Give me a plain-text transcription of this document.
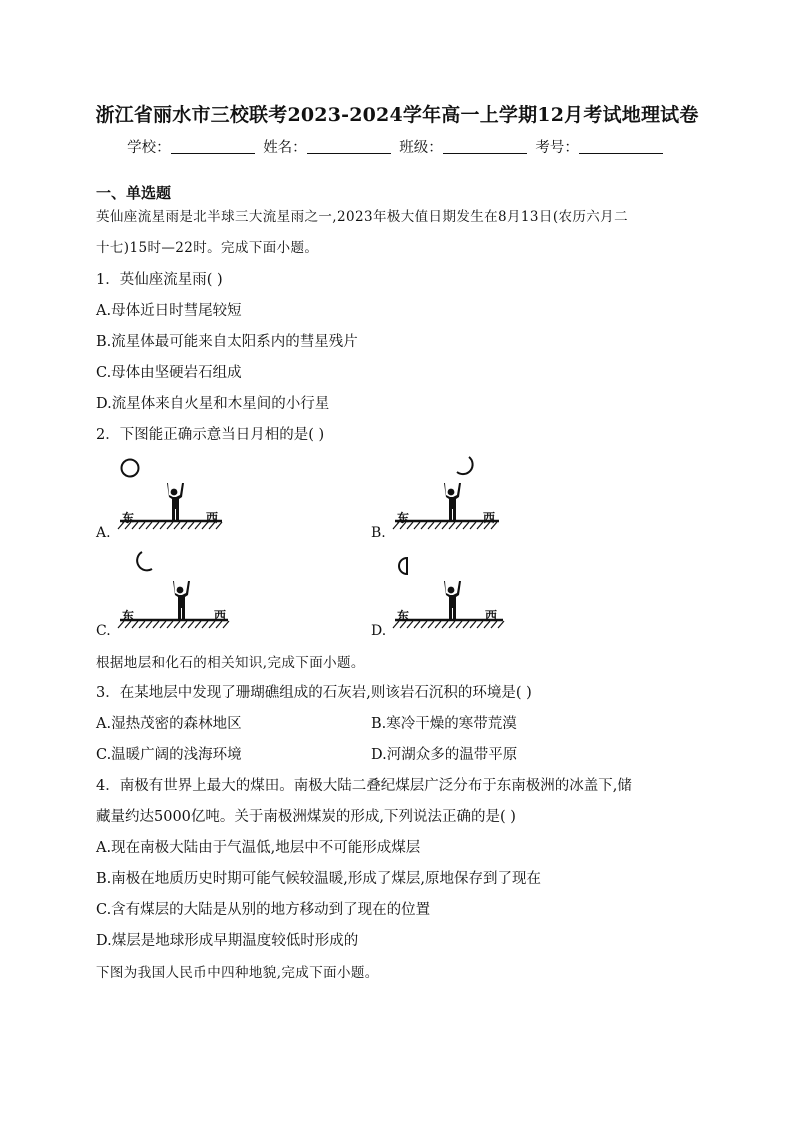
浙江省丽水市三校联考2023-2024学年高一上学期12月考试地理试卷
学校：	姓名：	班级：	考号：
一、单选题
英仙座流星雨是北半球三大流星雨之一,2023年极大值日期发生在8月13日(农历六月二
十七)15时—22时。完成下面小题。
1．英仙座流星雨( )
A.母体近日时彗尾较短
B.流星体最可能来自太阳系内的彗星残片
C.母体由坚硬岩石组成
D.流星体来自火星和木星间的小行星
2．下图能正确示意当日月相的是( )
东	西
A.
东	西
B.
东	西
C.
东	西
D.
根据地层和化石的相关知识,完成下面小题。
3．在某地层中发现了珊瑚礁组成的石灰岩,则该岩石沉积的环境是( )
A.湿热茂密的森林地区	B.寒冷干燥的寒带荒漠
C.温暖广阔的浅海环境	D.河湖众多的温带平原
4．南极有世界上最大的煤田。南极大陆二叠纪煤层广泛分布于东南极洲的冰盖下,储
藏量约达5000亿吨。关于南极洲煤炭的形成,下列说法正确的是( )
A.现在南极大陆由于气温低,地层中不可能形成煤层
B.南极在地质历史时期可能气候较温暖,形成了煤层,原地保存到了现在
C.含有煤层的大陆是从别的地方移动到了现在的位置
D.煤层是地球形成早期温度较低时形成的
下图为我国人民币中四种地貌,完成下面小题。
